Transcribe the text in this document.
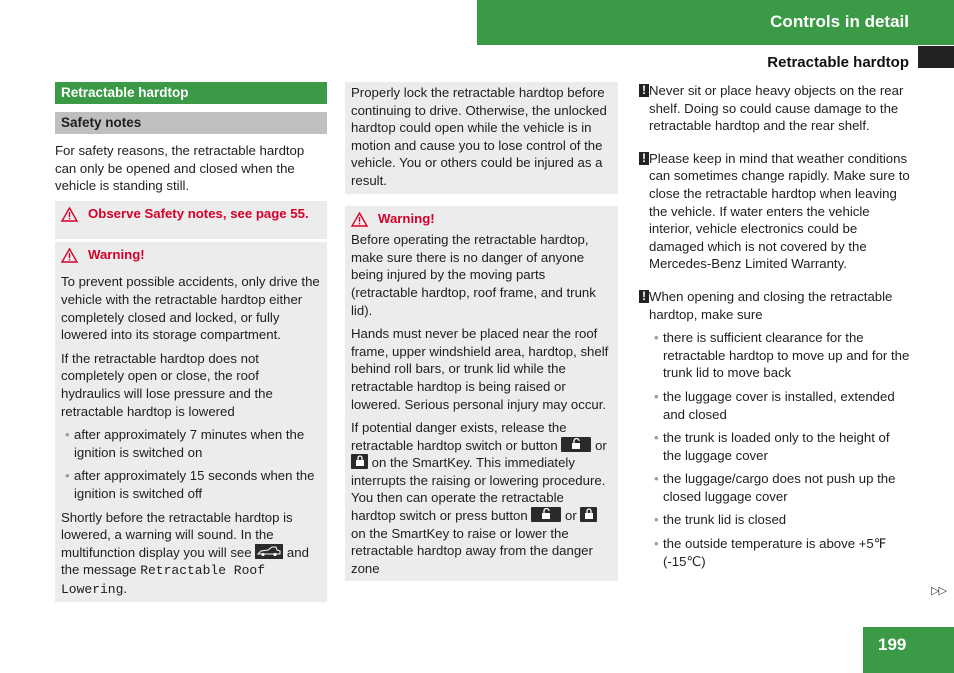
Controls in detail
Retractable hardtop
Retractable hardtop
Safety notes

For safety reasons, the retractable hardtop can only be opened and closed when the vehicle is standing still.

Observe Safety notes, see page 55.
Warning!

To prevent possible accidents, only drive the vehicle with the retractable hardtop either completely closed and locked, or fully lowered into its storage compartment.

If the retractable hardtop does not completely open or close, the roof hydraulics will lose pressure and the retractable hardtop is lowered

• after approximately 7 minutes when the ignition is switched on
• after approximately 15 seconds when the ignition is switched off

Shortly before the retractable hardtop is lowered, a warning will sound. In the multifunction display you will see	and the message Retractable Roof Lowering.

Properly lock the retractable hardtop before continuing to drive. Otherwise, the unlocked hardtop could open while the vehicle is in motion and cause you to lose control of the vehicle. You or others could be injured as a result.

Warning!

Before operating the retractable hardtop, make sure there is no danger of anyone being injured by the moving parts (retractable hardtop, roof frame, and trunk lid).

Hands must never be placed near the roof frame, upper windshield area, hardtop, shelf behind roll bars, or trunk lid while the retractable hardtop is being raised or lowered. Serious personal injury may occur.

If potential danger exists, release the retractable hardtop switch or button	or
on the SmartKey. This immediately interrupts the raising or lowering procedure. You then can operate the retractable hardtop switch or press button	or
on the SmartKey to raise or lower the retractable hardtop away from the danger zone

!
Never sit or place heavy objects on the rear shelf. Doing so could cause damage to the retractable hardtop and the rear shelf.
!
Please keep in mind that weather conditions can sometimes change rapidly. Make sure to close the retractable hardtop when leaving the vehicle. If water enters the vehicle interior, vehicle electronics could be damaged which is not covered by the Mercedes-Benz Limited Warranty.
!
When opening and closing the retractable hardtop, make sure
• there is sufficient clearance for the retractable hardtop to move up and for the trunk lid to move back
• the luggage cover is installed, extended and closed
• the trunk is loaded only to the height of the luggage cover
• the luggage/cargo does not push up the closed luggage cover
• the trunk lid is closed
• the outside temperature is above +5℉ (-15℃)
▷▷
199
